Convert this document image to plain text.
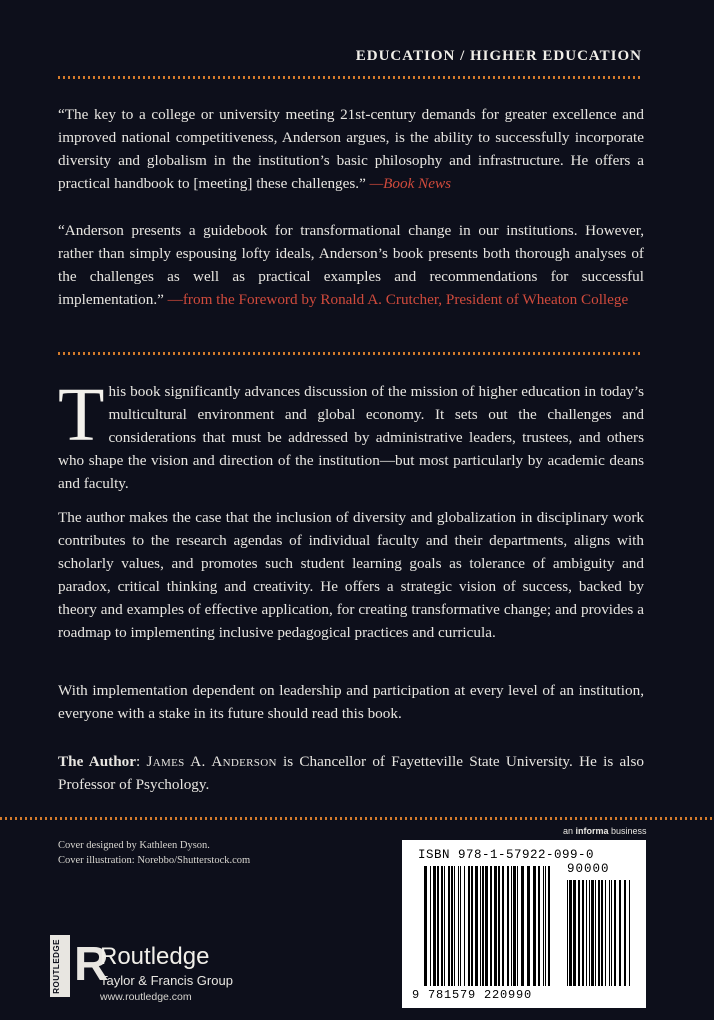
EDUCATION / HIGHER EDUCATION
“The key to a college or university meeting 21st-century demands for greater excellence and improved national competitiveness, Anderson argues, is the ability to successfully incorporate diversity and globalism in the institution’s basic philosophy and infrastructure. He offers a practical handbook to [meeting] these challenges.” —Book News
“Anderson presents a guidebook for transformational change in our institutions. However, rather than simply espousing lofty ideals, Anderson’s book presents both thorough analyses of the challenges as well as practical examples and recommendations for successful implementation.” —from the Foreword by Ronald A. Crutcher, President of Wheaton College
This book significantly advances discussion of the mission of higher education in today’s multicultural environment and global economy. It sets out the challenges and considerations that must be addressed by administrative leaders, trustees, and others who shape the vision and direction of the institution—but most particularly by academic deans and faculty.
The author makes the case that the inclusion of diversity and globalization in disciplinary work contributes to the research agendas of individual faculty and their departments, aligns with scholarly values, and promotes such student learning goals as tolerance of ambiguity and paradox, critical thinking and creativity. He offers a strategic vision of success, backed by theory and examples of effective application, for creating transformative change; and provides a roadmap to implementing inclusive pedagogical practices and curricula.
With implementation dependent on leadership and participation at every level of an institution, everyone with a stake in its future should read this book.
The Author: James A. Anderson is Chancellor of Fayetteville State University. He is also Professor of Psychology.
an informa business
Cover designed by Kathleen Dyson.
Cover illustration: Norebbo/Shutterstock.com
ROUTLEDGE R
Routledge
Taylor & Francis Group
www.routledge.com
ISBN 978-1-57922-099-0
90000
9 781579 220990
